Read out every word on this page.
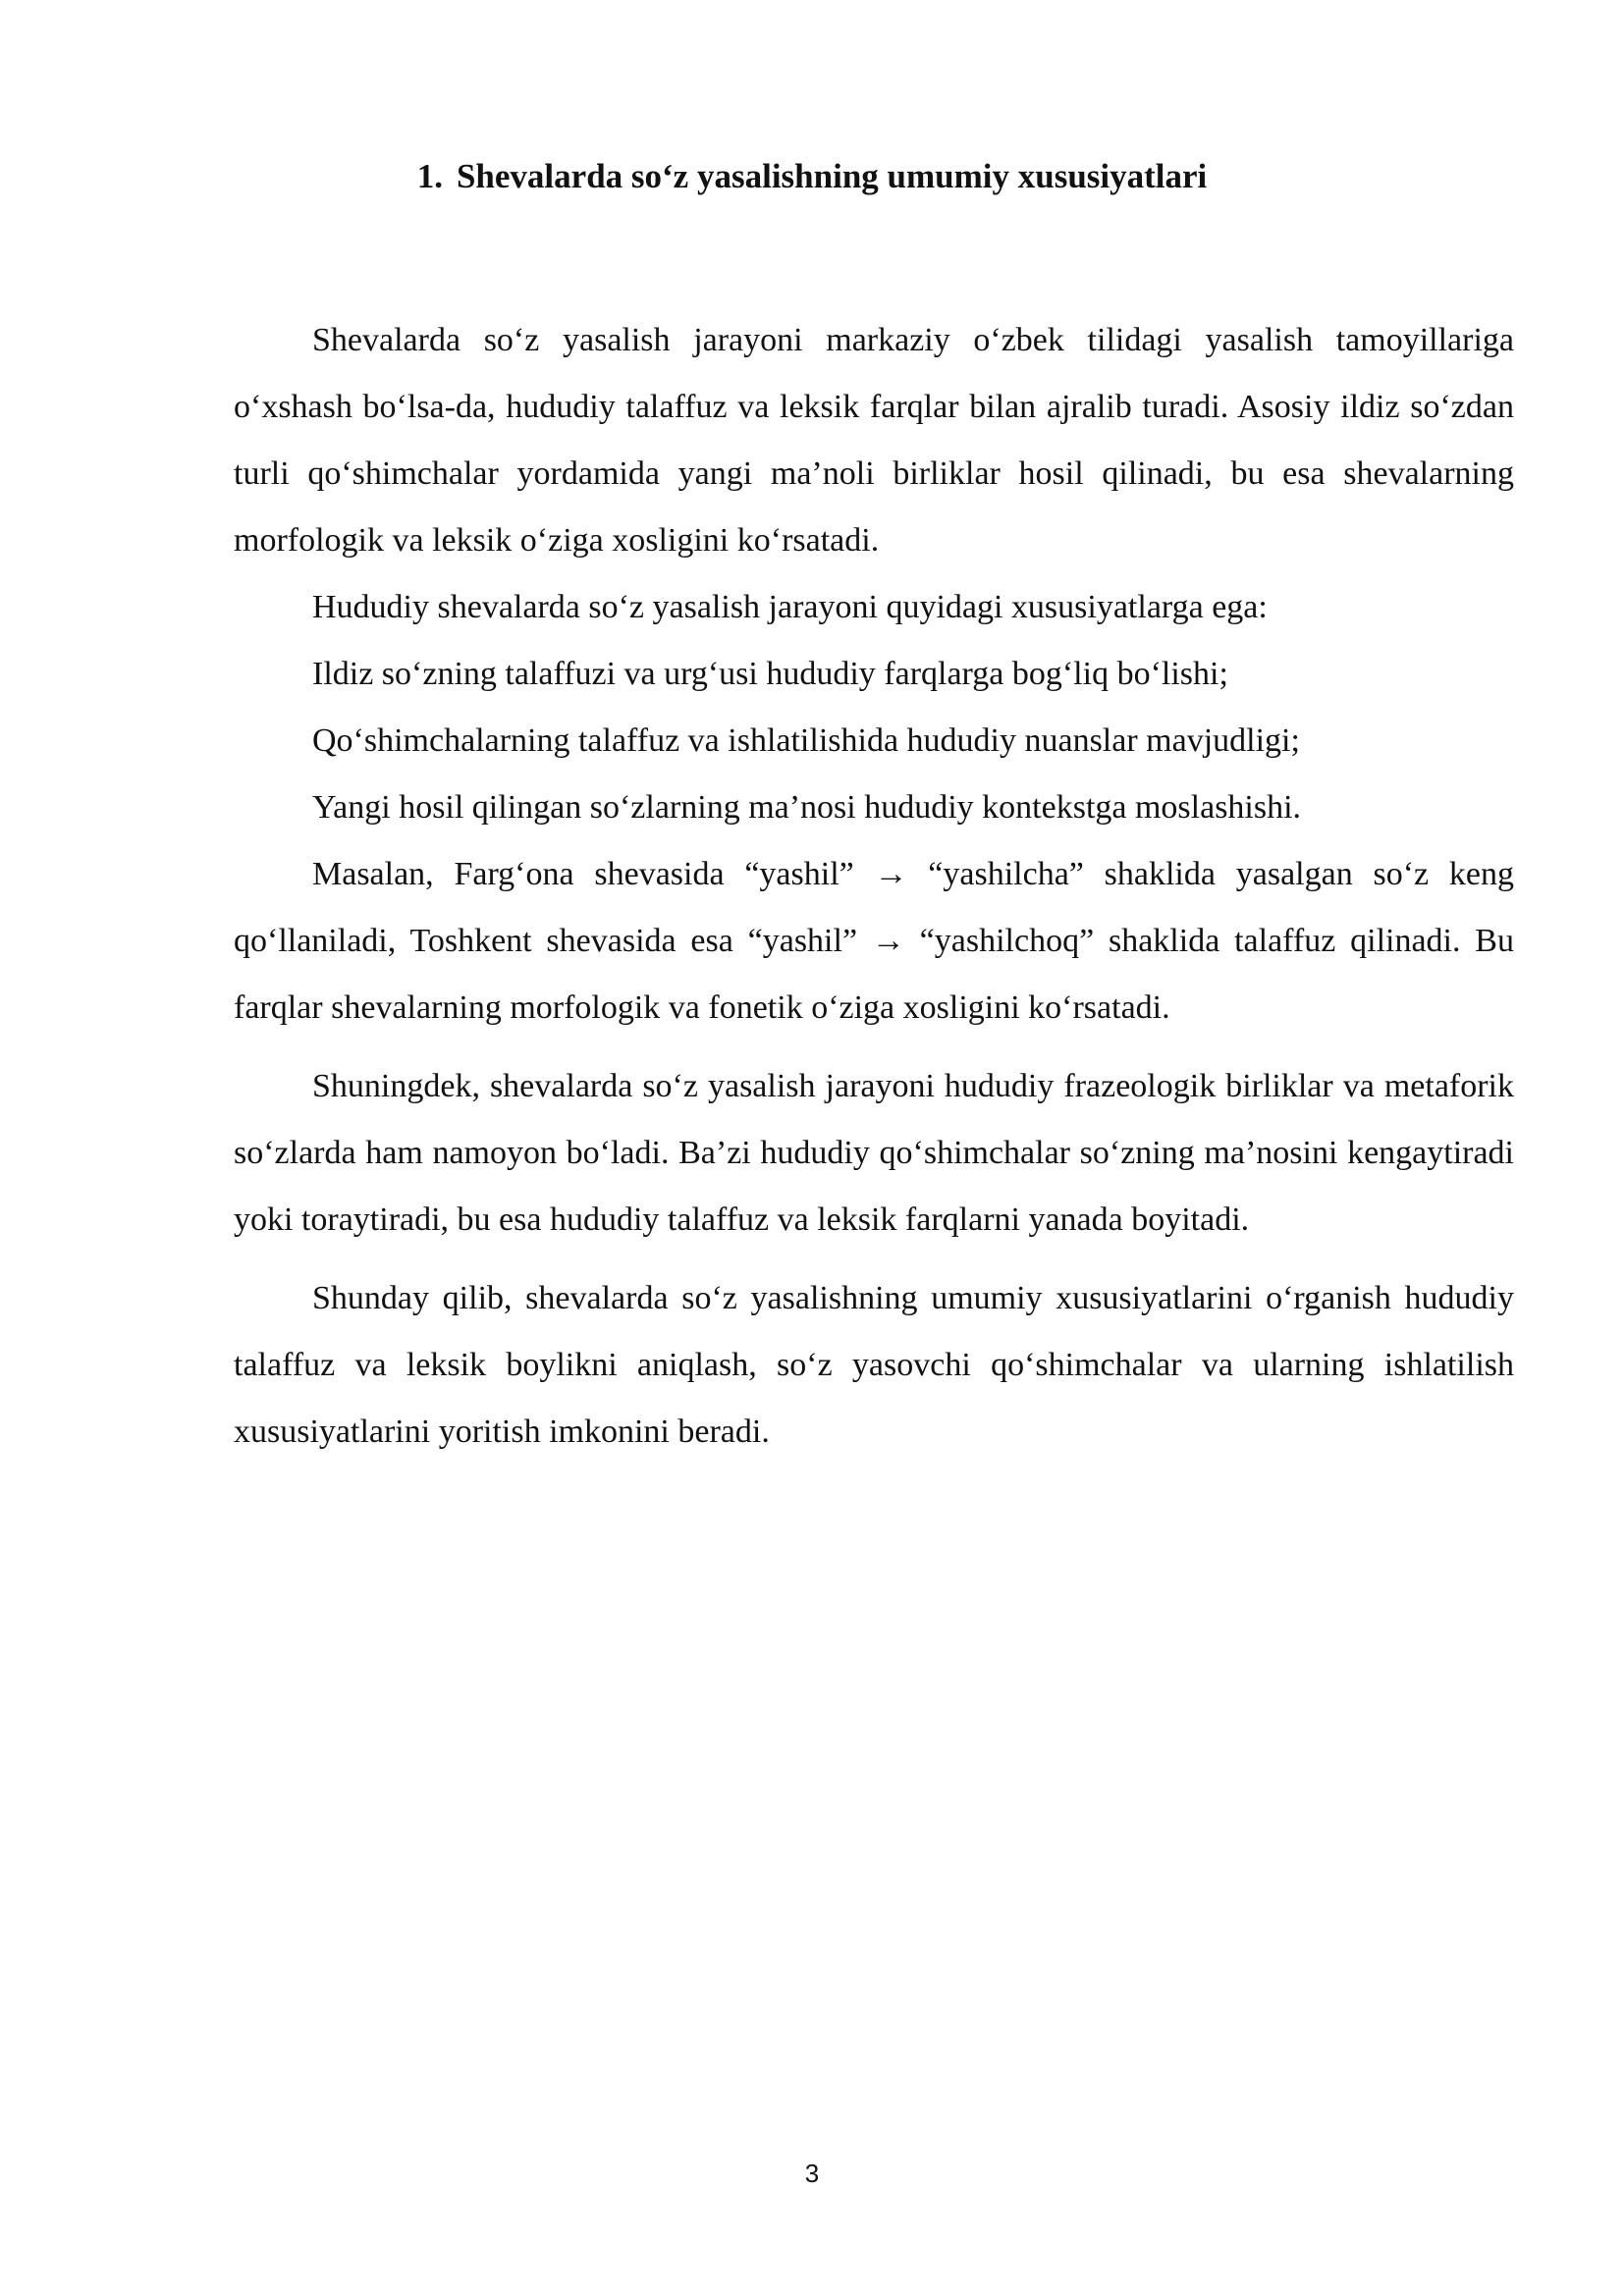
1. Shevalarda so‘z yasalishning umumiy xususiyatlari

Shevalarda so‘z yasalish jarayoni markaziy o‘zbek tilidagi yasalish tamoyillariga o‘xshash bo‘lsa-da, hududiy talaffuz va leksik farqlar bilan ajralib turadi. Asosiy ildiz so‘zdan turli qo‘shimchalar yordamida yangi ma’noli birliklar hosil qilinadi, bu esa shevalarning morfologik va leksik o‘ziga xosligini ko‘rsatadi.

Hududiy shevalarda so‘z yasalish jarayoni quyidagi xususiyatlarga ega:

Ildiz so‘zning talaffuzi va urg‘usi hududiy farqlarga bog‘liq bo‘lishi;

Qo‘shimchalarning talaffuz va ishlatilishida hududiy nuanslar mavjudligi;

Yangi hosil qilingan so‘zlarning ma’nosi hududiy kontekstga moslashishi.

Masalan, Farg‘ona shevasida “yashil” → “yashilcha” shaklida yasalgan so‘z keng qo‘llaniladi, Toshkent shevasida esa “yashil” → “yashilchoq” shaklida talaffuz qilinadi. Bu farqlar shevalarning morfologik va fonetik o‘ziga xosligini ko‘rsatadi.

Shuningdek, shevalarda so‘z yasalish jarayoni hududiy frazeologik birliklar va metaforik so‘zlarda ham namoyon bo‘ladi. Ba’zi hududiy qo‘shimchalar so‘zning ma’nosini kengaytiradi yoki toraytiradi, bu esa hududiy talaffuz va leksik farqlarni yanada boyitadi.

Shunday qilib, shevalarda so‘z yasalishning umumiy xususiyatlarini o‘rganish hududiy talaffuz va leksik boylikni aniqlash, so‘z yasovchi qo‘shimchalar va ularning ishlatilish xususiyatlarini yoritish imkonini beradi.

3
